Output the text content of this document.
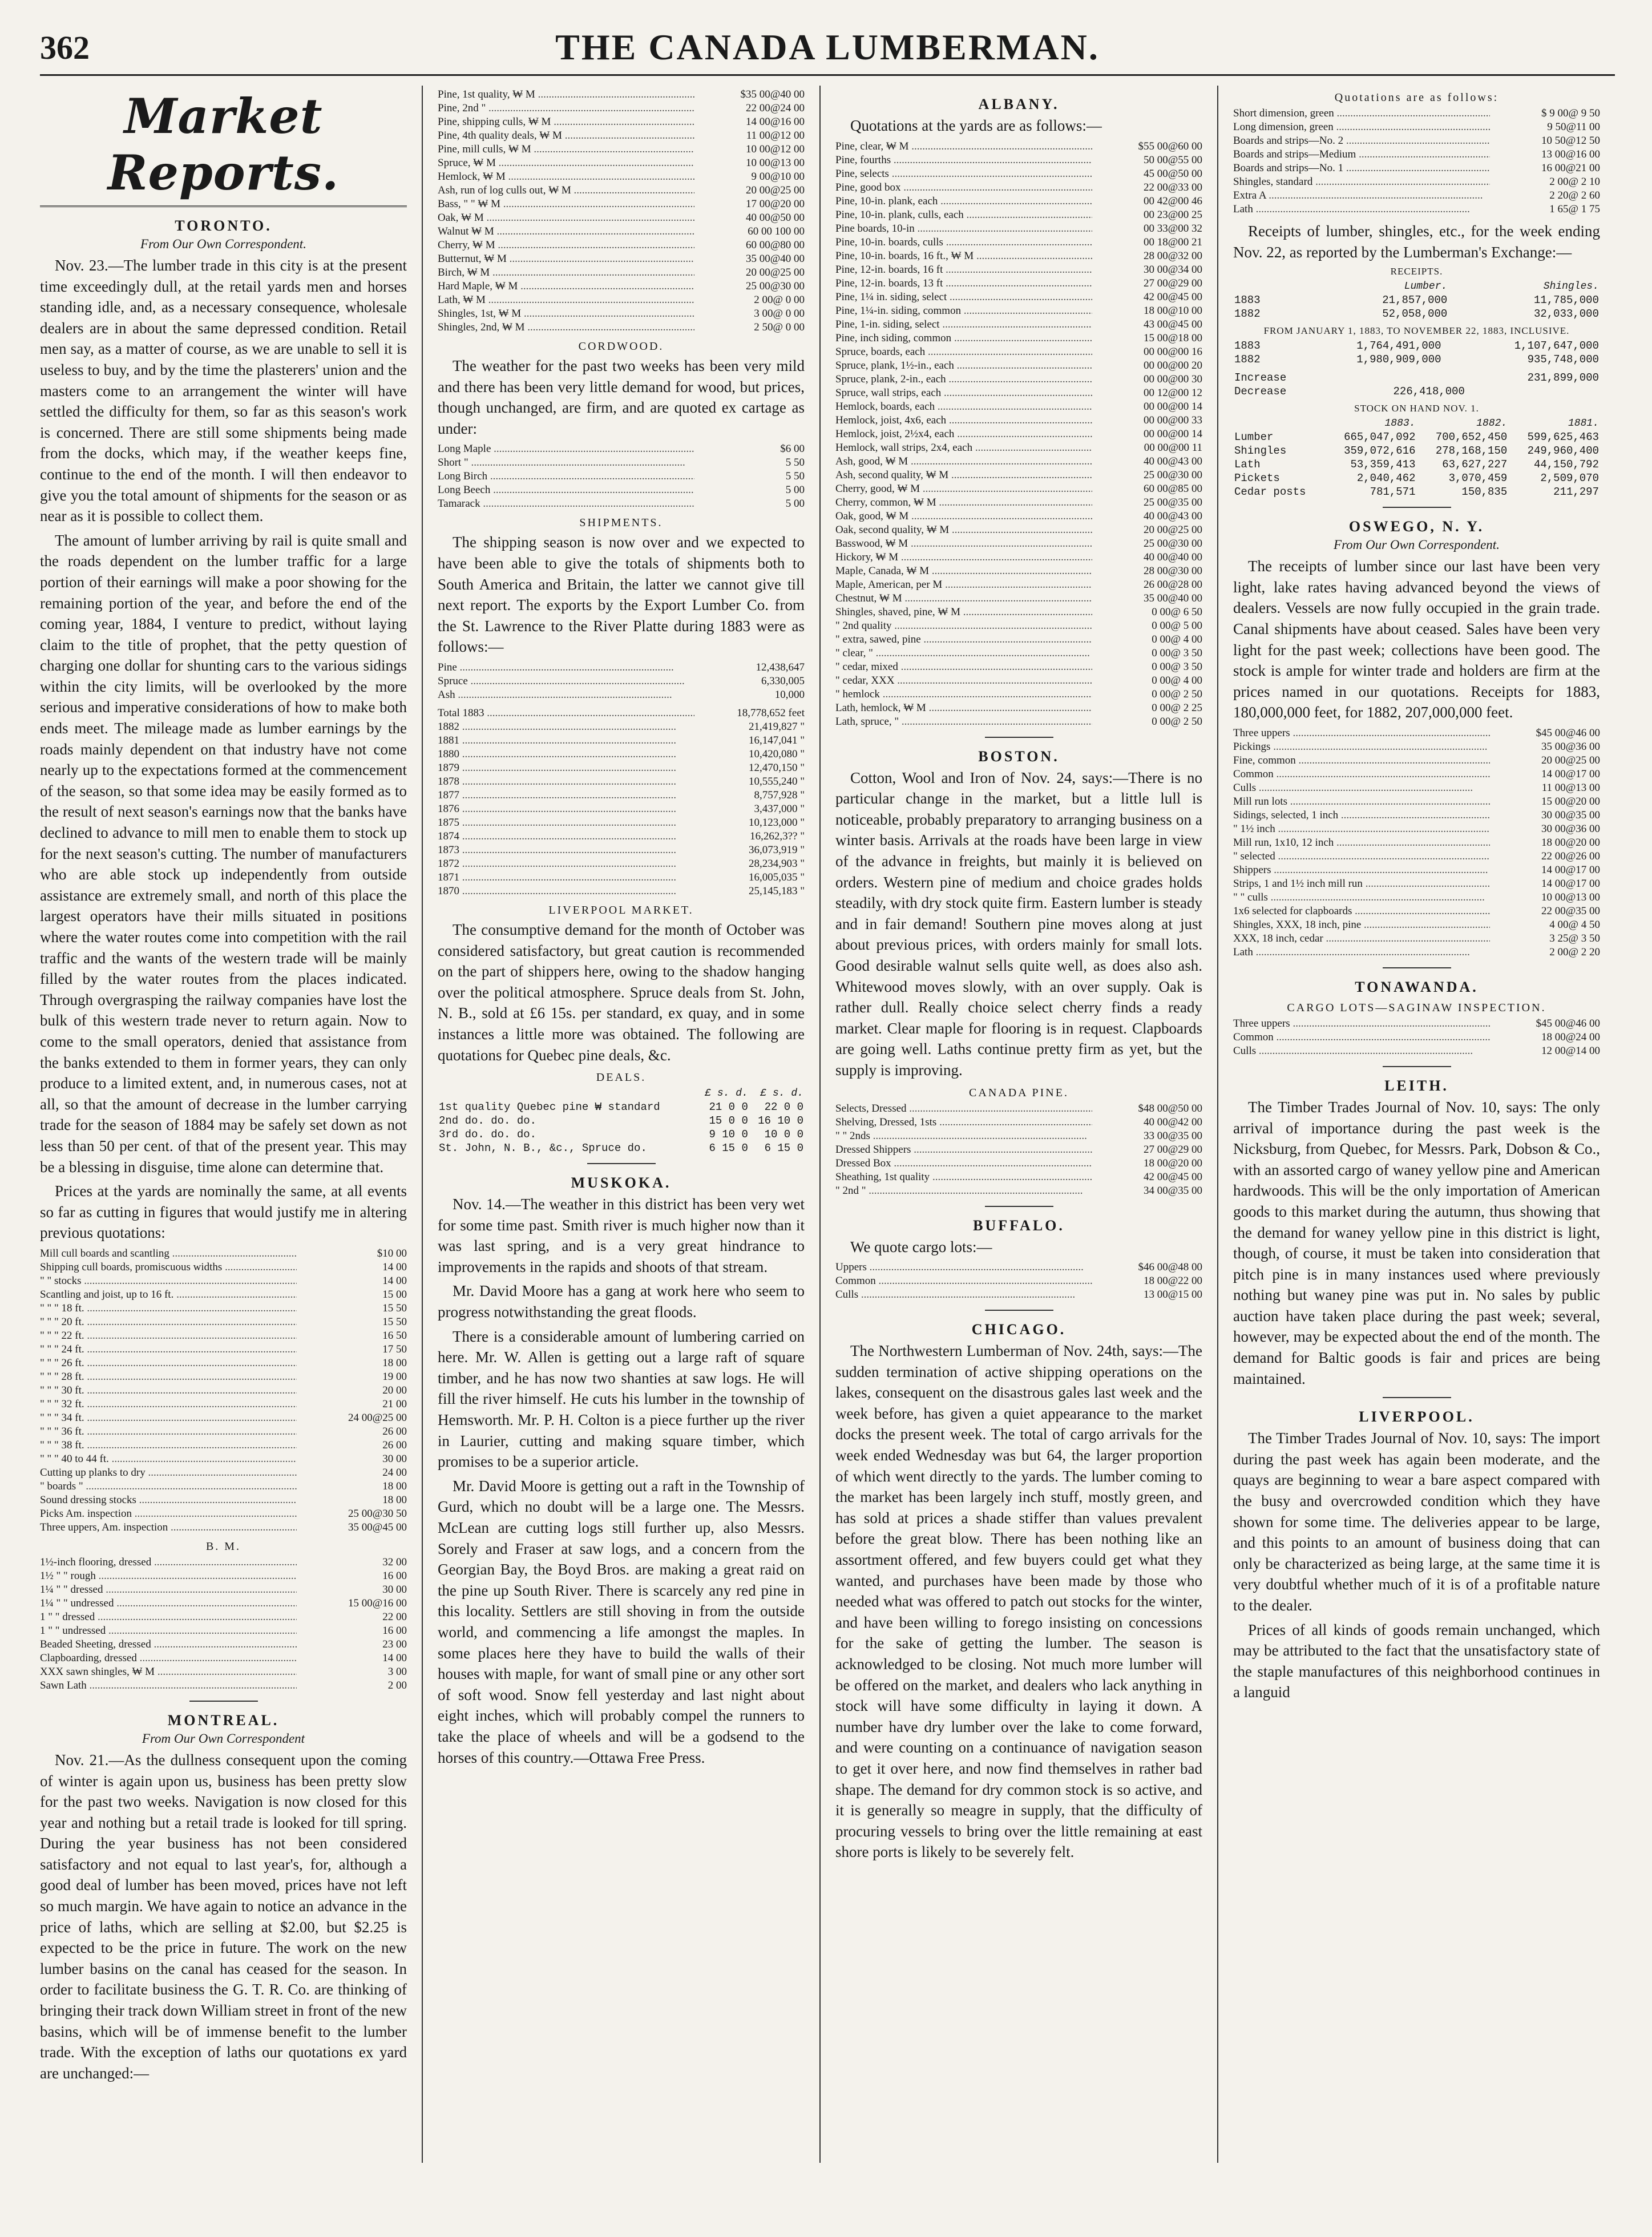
362	THE CANADA LUMBERMAN.
Market Reports.
TORONTO.
From Our Own Correspondent.

Nov. 23.—The lumber trade in this city is at the present time exceedingly dull, at the retail yards men and horses standing idle, and, as a necessary consequence, wholesale dealers are in about the same depressed condition. Retail men say, as a matter of course, as we are unable to sell it is useless to buy, and by the time the plasterers' union and the masters come to an arrangement the winter will have settled the difficulty for them, so far as this season's work is concerned. There are still some shipments being made from the docks, which may, if the weather keeps fine, continue to the end of the month. I will then endeavor to give you the total amount of shipments for the season or as near as it is possible to collect them.

The amount of lumber arriving by rail is quite small and the roads dependent on the lumber traffic for a large portion of their earnings will make a poor showing for the remaining portion of the year, and before the end of the coming year, 1884, I venture to predict, without laying claim to the title of prophet, that the petty question of charging one dollar for shunting cars to the various sidings within the city limits, will be overlooked by the more serious and imperative considerations of how to make both ends meet. The mileage made as lumber earnings by the roads mainly dependent on that industry have not come nearly up to the expectations formed at the commencement of the season, so that some idea may be easily formed as to the result of next season's earnings now that the banks have declined to advance to mill men to enable them to stock up for the next season's cutting. The number of manufacturers who are able stock up independently from outside assistance are extremely small, and north of this place the largest operators have their mills situated in positions where the water routes come into competition with the rail traffic and the wants of the western trade will be mainly filled by the water routes from the places indicated. Through overgrasping the railway companies have lost the bulk of this western trade never to return again. Now to come to the small operators, denied that assistance from the banks extended to them in former years, they can only produce to a limited extent, and, in numerous cases, not at all, so that the amount of decrease in the lumber carrying trade for the season of 1884 may be safely set down as not less than 50 per cent. of that of the present year. This may be a blessing in disguise, time alone can determine that.

Prices at the yards are nominally the same, at all events so far as cutting in figures that would justify me in altering previous quotations:

Mill cull boards and scantling .....	$10 00
Shipping cull boards, promiscuous widths .....	14 00
" " stocks .....	14 00
Scantling and joist, up to 16 ft. .....	15 00
" " " 18 ft. .....	15 50
" " " 20 ft. .....	15 50
" " " 22 ft. .....	16 50
" " " 24 ft. .....	17 50
" " " 26 ft. .....	18 00
" " " 28 ft. .....	19 00
" " " 30 ft. .....	20 00
" " " 32 ft. .....	21 00
" " " 34 ft. .....	24 00@25 00
" " " 36 ft. .....	26 00
" " " 38 ft. .....	26 00
" " " 40 to 44 ft. .....	30 00
Cutting up planks to dry .....	24 00
" boards " .....	18 00
Sound dressing stocks .....	18 00
Picks Am. inspection .....	25 00@30 50
Three uppers, Am. inspection .....	35 00@45 00
B. M.
1½-inch flooring, dressed .....	32 00
1½ " " rough .....	16 00
1¼ " " dressed .....	30 00
1¼ " " undressed .....	15 00@16 00
1 " " dressed .....	22 00
1 " " undressed .....	16 00
Beaded Sheeting, dressed .....	23 00
Clapboarding, dressed .....	14 00
XXX sawn shingles, ₩ M .....	3 00
Sawn Lath .....	2 00
MONTREAL.
From Our Own Correspondent

Nov. 21.—As the dullness consequent upon the coming of winter is again upon us, business has been pretty slow for the past two weeks. Navigation is now closed for this year and nothing but a retail trade is looked for till spring. During the year business has not been considered satisfactory and not equal to last year's, for, although a good deal of lumber has been moved, prices have not left so much margin. We have again to notice an advance in the price of laths, which are selling at $2.00, but $2.25 is expected to be the price in future. The work on the new lumber basins on the canal has ceased for the season. In order to facilitate business the G. T. R. Co. are thinking of bringing their track down William street in front of the new basins, which will be of immense benefit to the lumber trade. With the exception of laths our quotations ex yard are unchanged:—

Pine, 1st quality, ₩ M .....	$35 00@40 00
Pine, 2nd " .....	22 00@24 00
Pine, shipping culls, ₩ M .....	14 00@16 00
Pine, 4th quality deals, ₩ M .....	11 00@12 00
Pine, mill culls, ₩ M .....	10 00@12 00
Spruce, ₩ M .....	10 00@13 00
Hemlock, ₩ M .....	9 00@10 00
Ash, run of log culls out, ₩ M .....	20 00@25 00
Bass, " " ₩ M .....	17 00@20 00
Oak, ₩ M .....	40 00@50 00
Walnut ₩ M .....	60 00 100 00
Cherry, ₩ M .....	60 00@80 00
Butternut, ₩ M .....	35 00@40 00
Birch, ₩ M .....	20 00@25 00
Hard Maple, ₩ M .....	25 00@30 00
Lath, ₩ M .....	2 00@ 0 00
Shingles, 1st, ₩ M .....	3 00@ 0 00
Shingles, 2nd, ₩ M .....	2 50@ 0 00
CORDWOOD.

The weather for the past two weeks has been very mild and there has been very little demand for wood, but prices, though unchanged, are firm, and are quoted ex cartage as under:

Long Maple .....	$6 00
Short " .....	5 50
Long Birch .....	5 50
Long Beech .....	5 00
Tamarack .....	5 00
SHIPMENTS.

The shipping season is now over and we expected to have been able to give the totals of shipments both to South America and Britain, the latter we cannot give till next report. The exports by the Export Lumber Co. from the St. Lawrence to the River Platte during 1883 were as follows:—

Pine .....	12,438,647
Spruce .....	6,330,005
Ash .....	10,000
Total 1883 .....	18,778,652 feet
1882 .....	21,419,827 "
1881 .....	16,147,041 "
1880 .....	10,420,080 "
1879 .....	12,470,150 "
1878 .....	10,555,240 "
1877 .....	8,757,928 "
1876 .....	3,437,000 "
1875 .....	10,123,000 "
1874 .....	16,262,3?? "
1873 .....	36,073,919 "
1872 .....	28,234,903 "
1871 .....	16,005,035 "
1870 .....	25,145,183 "
LIVERPOOL MARKET.

The consumptive demand for the month of October was considered satisfactory, but great caution is recommended on the part of shippers here, owing to the shadow hanging over the political atmosphere. Spruce deals from St. John, N. B., sold at £6 15s. per standard, ex quay, and in some instances a little more was obtained. The following are quotations for Quebec pine deals, &c.

DEALS.
	£ s. d.	£ s. d.
1st quality Quebec pine ₩ standard	21 0 0	22 0 0
2nd do. do. do.	15 0 0	16 10 0
3rd do. do. do.	9 10 0	10 0 0
St. John, N. B., &c., Spruce do.	6 15 0	6 15 0
MUSKOKA.

Nov. 14.—The weather in this district has been very wet for some time past. Smith river is much higher now than it was last spring, and is a very great hindrance to improvements in the rapids and shoots of that stream.

Mr. David Moore has a gang at work here who seem to progress notwithstanding the great floods.

There is a considerable amount of lumbering carried on here. Mr. W. Allen is getting out a large raft of square timber, and he has now two shanties at saw logs. He will fill the river himself. He cuts his lumber in the township of Hemsworth. Mr. P. H. Colton is a piece further up the river in Laurier, cutting and making square timber, which promises to be a superior article.

Mr. David Moore is getting out a raft in the Township of Gurd, which no doubt will be a large one. The Messrs. McLean are cutting logs still further up, also Messrs. Sorely and Fraser at saw logs, and a concern from the Georgian Bay, the Boyd Bros. are making a great raid on the pine up South River. There is scarcely any red pine in this locality. Settlers are still shoving in from the outside world, and commencing a life amongst the maples. In some places here they have to build the walls of their houses with maple, for want of small pine or any other sort of soft wood. Snow fell yesterday and last night about eight inches, which will probably compel the runners to take the place of wheels and will be a godsend to the horses of this country.—Ottawa Free Press.

ALBANY.

Quotations at the yards are as follows:—

Pine, clear, ₩ M .....	$55 00@60 00
Pine, fourths .....	50 00@55 00
Pine, selects .....	45 00@50 00
Pine, good box .....	22 00@33 00
Pine, 10-in. plank, each .....	00 42@00 46
Pine, 10-in. plank, culls, each .....	00 23@00 25
Pine boards, 10-in .....	00 33@00 32
Pine, 10-in. boards, culls .....	00 18@00 21
Pine, 10-in. boards, 16 ft., ₩ M .....	28 00@32 00
Pine, 12-in. boards, 16 ft .....	30 00@34 00
Pine, 12-in. boards, 13 ft .....	27 00@29 00
Pine, 1¼ in. siding, select .....	42 00@45 00
Pine, 1¼-in. siding, common .....	18 00@10 00
Pine, 1-in. siding, select .....	43 00@45 00
Pine, inch siding, common .....	15 00@18 00
Spruce, boards, each .....	00 00@00 16
Spruce, plank, 1½-in., each .....	00 00@00 20
Spruce, plank, 2-in., each .....	00 00@00 30
Spruce, wall strips, each .....	00 12@00 12
Hemlock, boards, each .....	00 00@00 14
Hemlock, joist, 4x6, each .....	00 00@00 33
Hemlock, joist, 2½x4, each .....	00 00@00 14
Hemlock, wall strips, 2x4, each .....	00 00@00 11
Ash, good, ₩ M .....	40 00@43 00
Ash, second quality, ₩ M .....	25 00@30 00
Cherry, good, ₩ M .....	60 00@85 00
Cherry, common, ₩ M .....	25 00@35 00
Oak, good, ₩ M .....	40 00@43 00
Oak, second quality, ₩ M .....	20 00@25 00
Basswood, ₩ M .....	25 00@30 00
Hickory, ₩ M .....	40 00@40 00
Maple, Canada, ₩ M .....	28 00@30 00
Maple, American, per M .....	26 00@28 00
Chestnut, ₩ M .....	35 00@40 00
Shingles, shaved, pine, ₩ M .....	0 00@ 6 50
" 2nd quality .....	0 00@ 5 00
" extra, sawed, pine .....	0 00@ 4 00
" clear, " .....	0 00@ 3 50
" cedar, mixed .....	0 00@ 3 50
" cedar, XXX .....	0 00@ 4 00
" hemlock .....	0 00@ 2 50
Lath, hemlock, ₩ M .....	0 00@ 2 25
Lath, spruce, " .....	0 00@ 2 50
BOSTON.

Cotton, Wool and Iron of Nov. 24, says:—There is no particular change in the market, but a little lull is noticeable, probably preparatory to arranging business on a winter basis. Arrivals at the roads have been large in view of the advance in freights, but mainly it is believed on orders. Western pine of medium and choice grades holds steadily, with dry stock quite firm. Eastern lumber is steady and in fair demand! Southern pine moves along at just about previous prices, with orders mainly for small lots. Good desirable walnut sells quite well, as does also ash. Whitewood moves slowly, with an over supply. Oak is rather dull. Really choice select cherry finds a ready market. Clear maple for flooring is in request. Clapboards are going well. Laths continue pretty firm as yet, but the supply is improving.

CANADA PINE.
Selects, Dressed .....	$48 00@50 00
Shelving, Dressed, 1sts .....	40 00@42 00
" " 2nds .....	33 00@35 00
Dressed Shippers .....	27 00@29 00
Dressed Box .....	18 00@20 00
Sheathing, 1st quality .....	42 00@45 00
" 2nd " .....	34 00@35 00
BUFFALO.

We quote cargo lots:—

Uppers .....	$46 00@48 00
Common .....	18 00@22 00
Culls .....	13 00@15 00
CHICAGO.

The Northwestern Lumberman of Nov. 24th, says:—The sudden termination of active shipping operations on the lakes, consequent on the disastrous gales last week and the week before, has given a quiet appearance to the market docks the present week. The total of cargo arrivals for the week ended Wednesday was but 64, the larger proportion of which went directly to the yards. The lumber coming to the market has been largely inch stuff, mostly green, and has sold at prices a shade stiffer than values prevalent before the great blow. There has been nothing like an assortment offered, and few buyers could get what they wanted, and purchases have been made by those who needed what was offered to patch out stocks for the winter, and have been willing to forego insisting on concessions for the sake of getting the lumber. The season is acknowledged to be closing. Not much more lumber will be offered on the market, and dealers who lack anything in stock will have some difficulty in laying it down. A number have dry lumber over the lake to come forward, and were counting on a continuance of navigation season to get it over here, and now find themselves in rather bad shape. The demand for dry common stock is so active, and it is generally so meagre in supply, that the difficulty of procuring vessels to bring over the little remaining at east shore ports is likely to be severely felt.

Quotations are as follows:
Short dimension, green .....	$ 9 00@ 9 50
Long dimension, green .....	9 50@11 00
Boards and strips—No. 2 .....	10 50@12 50
Boards and strips—Medium .....	13 00@16 00
Boards and strips—No. 1 .....	16 00@21 00
Shingles, standard .....	2 00@ 2 10
Extra A .....	2 20@ 2 60
Lath .....	1 65@ 1 75

Receipts of lumber, shingles, etc., for the week ending Nov. 22, as reported by the Lumberman's Exchange:—

RECEIPTS.
	Lumber.	Shingles.
1883	21,857,000	11,785,000
1882	52,058,000	32,033,000
FROM JANUARY 1, 1883, TO NOVEMBER 22, 1883, INCLUSIVE.
1883	1,764,491,000	1,107,647,000
1882	1,980,909,000	935,748,000
Increase		231,899,000
Decrease	226,418,000	
STOCK ON HAND NOV. 1.
	1883.	1882.	1881.
Lumber	665,047,092	700,652,450	599,625,463
Shingles	359,072,616	278,168,150	249,960,400
Lath	53,359,413	63,627,227	44,150,792
Pickets	2,040,462	3,070,459	2,509,070
Cedar posts	781,571	150,835	211,297
OSWEGO, N. Y.
From Our Own Correspondent.

The receipts of lumber since our last have been very light, lake rates having advanced beyond the views of dealers. Vessels are now fully occupied in the grain trade. Canal shipments have about ceased. Sales have been very light for the past week; collections have been good. The stock is ample for winter trade and holders are firm at the prices named in our quotations. Receipts for 1883, 180,000,000 feet, for 1882, 207,000,000 feet.

Three uppers .....	$45 00@46 00
Pickings .....	35 00@36 00
Fine, common .....	20 00@25 00
Common .....	14 00@17 00
Culls .....	11 00@13 00
Mill run lots .....	15 00@20 00
Sidings, selected, 1 inch .....	30 00@35 00
" 1½ inch .....	30 00@36 00
Mill run, 1x10, 12 inch .....	18 00@20 00
" selected .....	22 00@26 00
Shippers .....	14 00@17 00
Strips, 1 and 1½ inch mill run .....	14 00@17 00
" " culls .....	10 00@13 00
1x6 selected for clapboards .....	22 00@35 00
Shingles, XXX, 18 inch, pine .....	4 00@ 4 50
XXX, 18 inch, cedar .....	3 25@ 3 50
Lath .....	2 00@ 2 20
TONAWANDA.
CARGO LOTS—SAGINAW INSPECTION.
Three uppers .....	$45 00@46 00
Common .....	18 00@24 00
Culls .....	12 00@14 00
LEITH.

The Timber Trades Journal of Nov. 10, says: The only arrival of importance during the past week is the Nicksburg, from Quebec, for Messrs. Park, Dobson & Co., with an assorted cargo of waney yellow pine and American hardwoods. This will be the only importation of American goods to this market during the autumn, thus showing that the demand for waney yellow pine in this district is light, though, of course, it must be taken into consideration that pitch pine is in many instances used where previously nothing but waney pine was put in. No sales by public auction have taken place during the past week; several, however, may be expected about the end of the month. The demand for Baltic goods is fair and prices are being maintained.

LIVERPOOL.

The Timber Trades Journal of Nov. 10, says: The import during the past week has again been moderate, and the quays are beginning to wear a bare aspect compared with the busy and overcrowded condition which they have shown for some time. The deliveries appear to be large, and this points to an amount of business doing that can only be characterized as being large, at the same time it is very doubtful whether much of it is of a profitable nature to the dealer.

Prices of all kinds of goods remain unchanged, which may be attributed to the fact that the unsatisfactory state of the staple manufactures of this neighborhood continues in a languid
